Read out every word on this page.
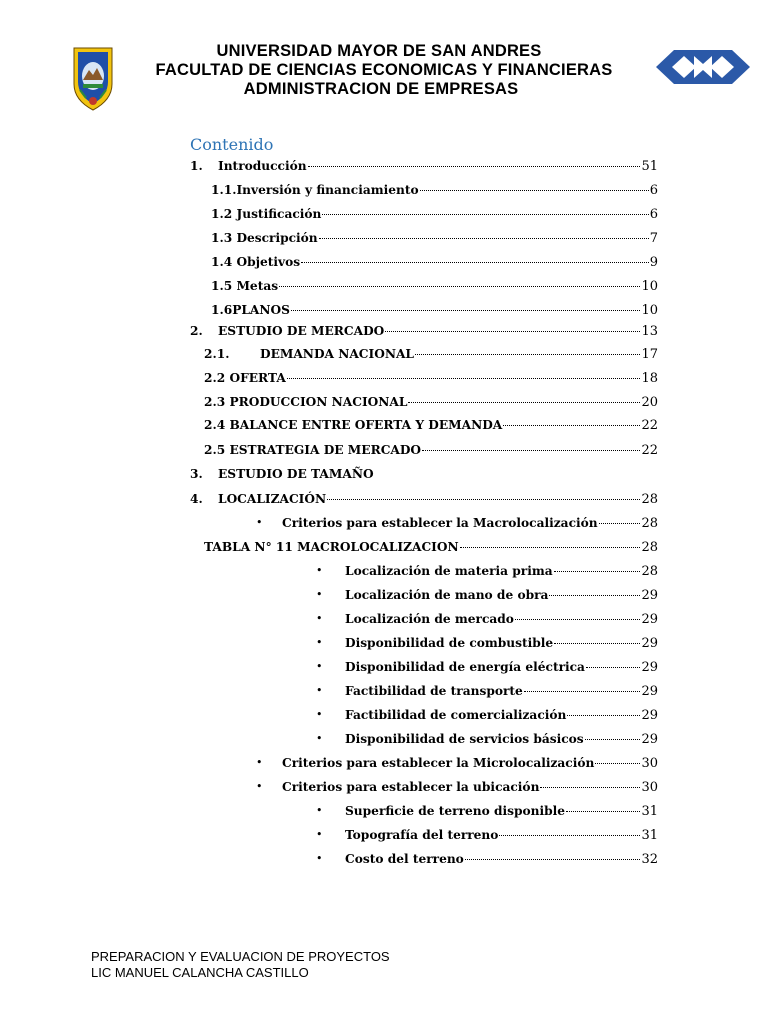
UNIVERSIDAD MAYOR DE SAN ANDRES
FACULTAD DE CIENCIAS ECONOMICAS Y FINANCIERAS
ADMINISTRACION DE EMPRESAS
Contenido
1. Introducción	51
1.1.Inversión y financiamiento	6
1.2 Justificación	6
1.3 Descripción	7
1.4 Objetivos	9
1.5 Metas	10
1.6PLANOS	10
2. ESTUDIO DE MERCADO	13
2.1.	DEMANDA NACIONAL	17
2.2 OFERTA	18
2.3 PRODUCCION NACIONAL	20
2.4 BALANCE ENTRE OFERTA Y DEMANDA	22
2.5 ESTRATEGIA DE MERCADO	22
3. ESTUDIO DE TAMAÑO
4. LOCALIZACIÓN	28
• Criterios para establecer la Macrolocalización	28
TABLA N° 11 MACROLOCALIZACION	28
• Localización de materia prima	28
• Localización de mano de obra	29
• Localización de mercado	29
• Disponibilidad de combustible	29
• Disponibilidad de energía eléctrica	29
• Factibilidad de transporte	29
• Factibilidad de comercialización	29
• Disponibilidad de servicios básicos	29
• Criterios para establecer la Microlocalización	30
• Criterios para establecer la ubicación	30
• Superficie de terreno disponible	31
• Topografía del terreno	31
• Costo del terreno	32
PREPARACION Y EVALUACION DE PROYECTOS
LIC MANUEL CALANCHA CASTILLO
